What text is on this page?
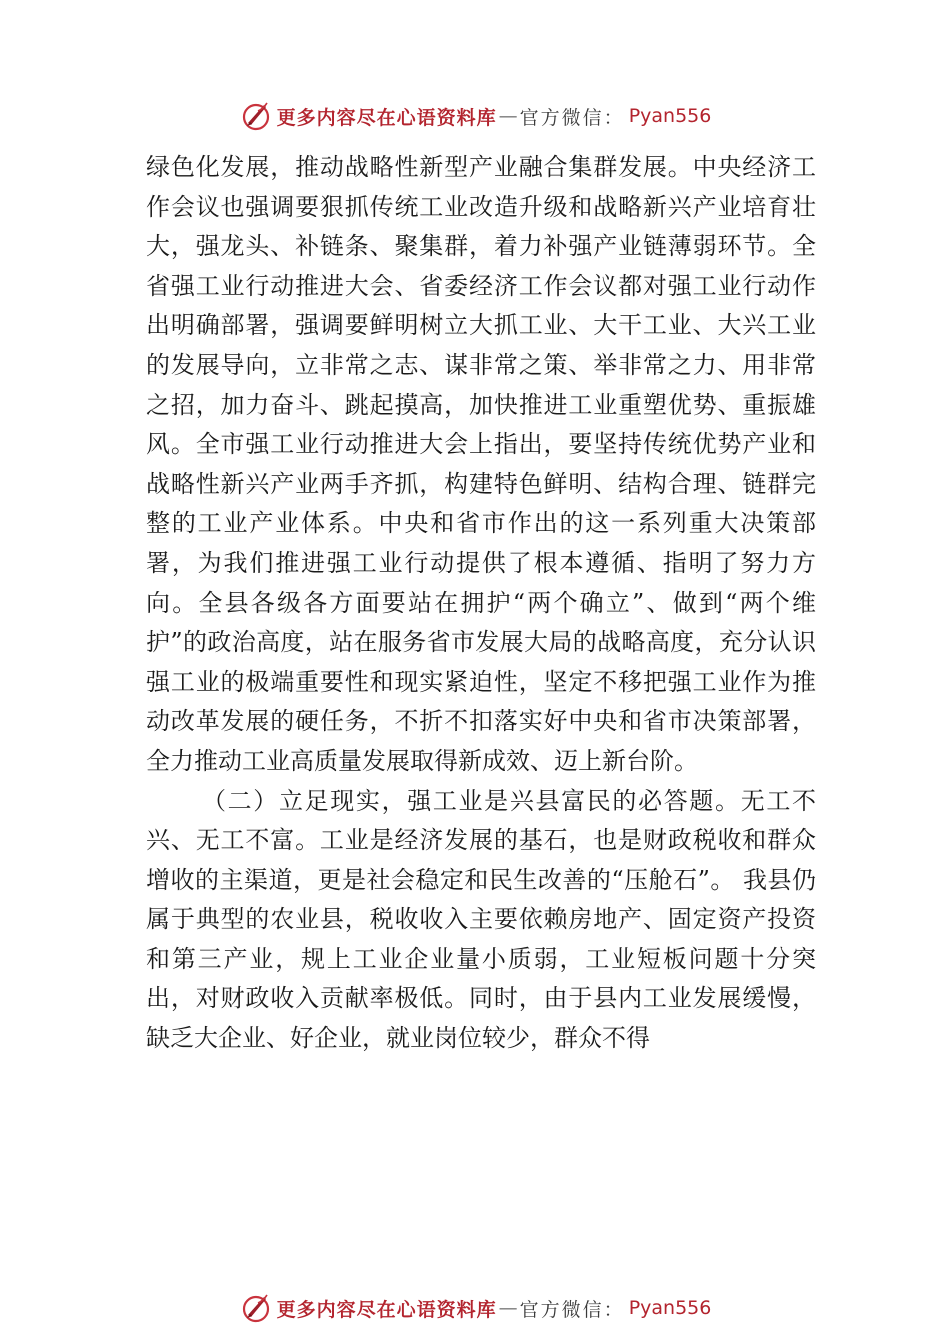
更多内容尽在心语资料库 — 官方微信： Pyan556

绿色化发展，推动战略性新型产业融合集群发展。中央经济工作会议也强调要狠抓传统工业改造升级和战略新兴产业培育壮大，强龙头、补链条、聚集群，着力补强产业链薄弱环节。全省强工业行动推进大会、省委经济工作会议都对强工业行动作出明确部署，强调要鲜明树立大抓工业、大干工业、大兴工业的发展导向，立非常之志、谋非常之策、举非常之力、用非常之招，加力奋斗、跳起摸高，加快推进工业重塑优势、重振雄风。全市强工业行动推进大会上指出，要坚持传统优势产业和战略性新兴产业两手齐抓，构建特色鲜明、结构合理、链群完整的工业产业体系。中央和省市作出的这一系列重大决策部署，为我们推进强工业行动提供了根本遵循、指明了努力方向。全县各级各方面要站在拥护“两个确立”、做到“两个维护”的政治高度，站在服务省市发展大局的战略高度，充分认识强工业的极端重要性和现实紧迫性，坚定不移把强工业作为推动改革发展的硬任务，不折不扣落实好中央和省市决策部署，全力推动工业高质量发展取得新成效、迈上新台阶。

（二）立足现实，强工业是兴县富民的必答题。无工不兴、无工不富。工业是经济发展的基石，也是财政税收和群众增收的主渠道，更是社会稳定和民生改善的“压舱石”。 我县仍属于典型的农业县，税收收入主要依赖房地产、固定资产投资和第三产业，规上工业企业量小质弱，工业短板问题十分突出，对财政收入贡献率极低。同时，由于县内工业发展缓慢，缺乏大企业、好企业，就业岗位较少，群众不得

更多内容尽在心语资料库 — 官方微信： Pyan556
